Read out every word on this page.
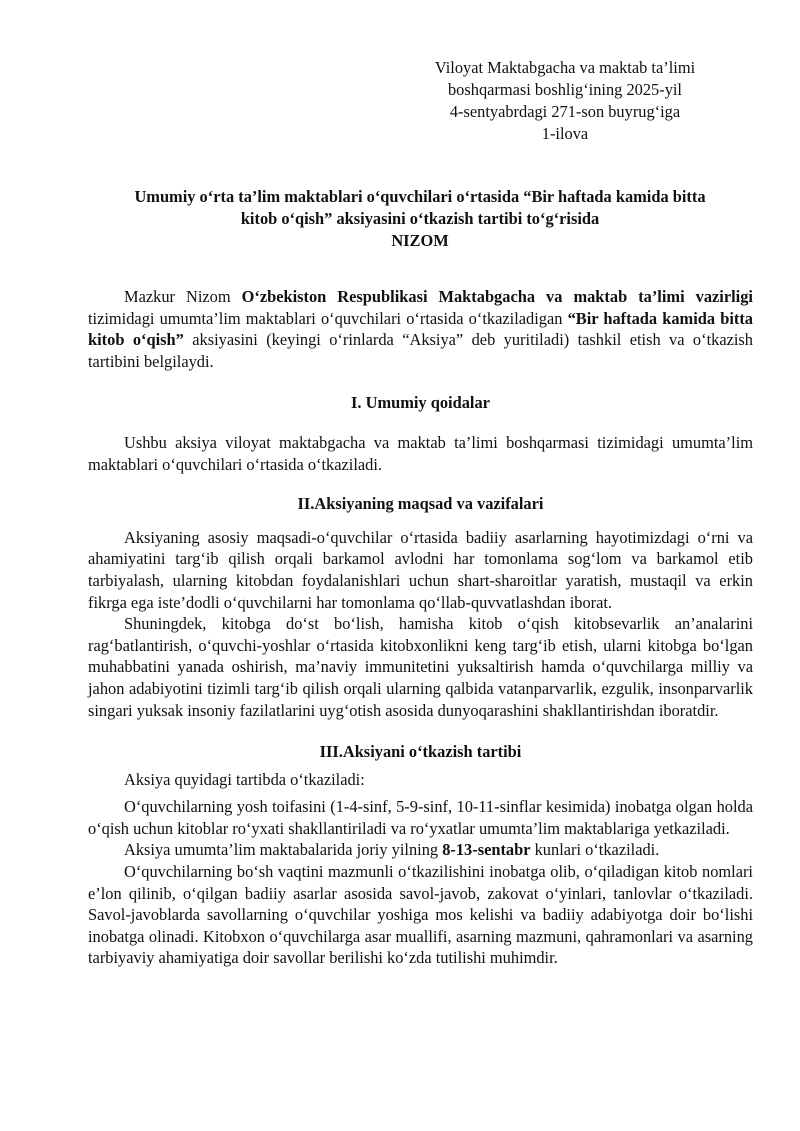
Viloyat Maktabgacha va maktab ta’limi
boshqarmasi boshlig‘ining 2025-yil
4-sentyabrdagi 271-son buyrug‘iga
1-ilova
Umumiy o‘rta ta’lim maktablari o‘quvchilari o‘rtasida “Bir haftada kamida bitta
kitob o‘qish” aksiyasini o‘tkazish tartibi to‘g‘risida
NIZOM

Mazkur Nizom O‘zbekiston Respublikasi Maktabgacha va maktab ta’limi vazirligi tizimidagi umumta’lim maktablari o‘quvchilari o‘rtasida o‘tkaziladigan “Bir haftada kamida bitta kitob o‘qish” aksiyasini (keyingi o‘rinlarda “Aksiya” deb yuritiladi) tashkil etish va o‘tkazish tartibini belgilaydi.

I. Umumiy qoidalar

Ushbu aksiya viloyat maktabgacha va maktab ta’limi boshqarmasi tizimidagi umumta’lim maktablari o‘quvchilari o‘rtasida o‘tkaziladi.

II.Aksiyaning maqsad va vazifalari

Aksiyaning asosiy maqsadi-o‘quvchilar o‘rtasida badiiy asarlarning hayotimizdagi o‘rni va ahamiyatini targ‘ib qilish orqali barkamol avlodni har tomonlama sog‘lom va barkamol etib tarbiyalash, ularning kitobdan foydalanishlari uchun shart-sharoitlar yaratish, mustaqil va erkin fikrga ega iste’dodli o‘quvchilarni har tomonlama qo‘llab-quvvatlashdan iborat.

Shuningdek, kitobga do‘st bo‘lish, hamisha kitob o‘qish kitobsevarlik an’analarini rag‘batlantirish, o‘quvchi-yoshlar o‘rtasida kitobxonlikni keng targ‘ib etish, ularni kitobga bo‘lgan muhabbatini yanada oshirish, ma’naviy immunitetini yuksaltirish hamda o‘quvchilarga milliy va jahon adabiyotini tizimli targ‘ib qilish orqali ularning qalbida vatanparvarlik, ezgulik, insonparvarlik singari yuksak insoniy fazilatlarini uyg‘otish asosida dunyoqarashini shakllantirishdan iboratdir.

III.Aksiyani o‘tkazish tartibi

Aksiya quyidagi tartibda o‘tkaziladi:

O‘quvchilarning yosh toifasini (1-4-sinf, 5-9-sinf, 10-11-sinflar kesimida) inobatga olgan holda o‘qish uchun kitoblar ro‘yxati shakllantiriladi va ro‘yxatlar umumta’lim maktablariga yetkaziladi.

Aksiya umumta’lim maktabalarida joriy yilning 8-13-sentabr kunlari o‘tkaziladi.

O‘quvchilarning bo‘sh vaqtini mazmunli o‘tkazilishini inobatga olib, o‘qiladigan kitob nomlari e’lon qilinib, o‘qilgan badiiy asarlar asosida savol-javob, zakovat o‘yinlari, tanlovlar o‘tkaziladi. Savol-javoblarda savollarning o‘quvchilar yoshiga mos kelishi va badiiy adabiyotga doir bo‘lishi inobatga olinadi. Kitobxon o‘quvchilarga asar muallifi, asarning mazmuni, qahramonlari va asarning tarbiyaviy ahamiyatiga doir savollar berilishi ko‘zda tutilishi muhimdir.
